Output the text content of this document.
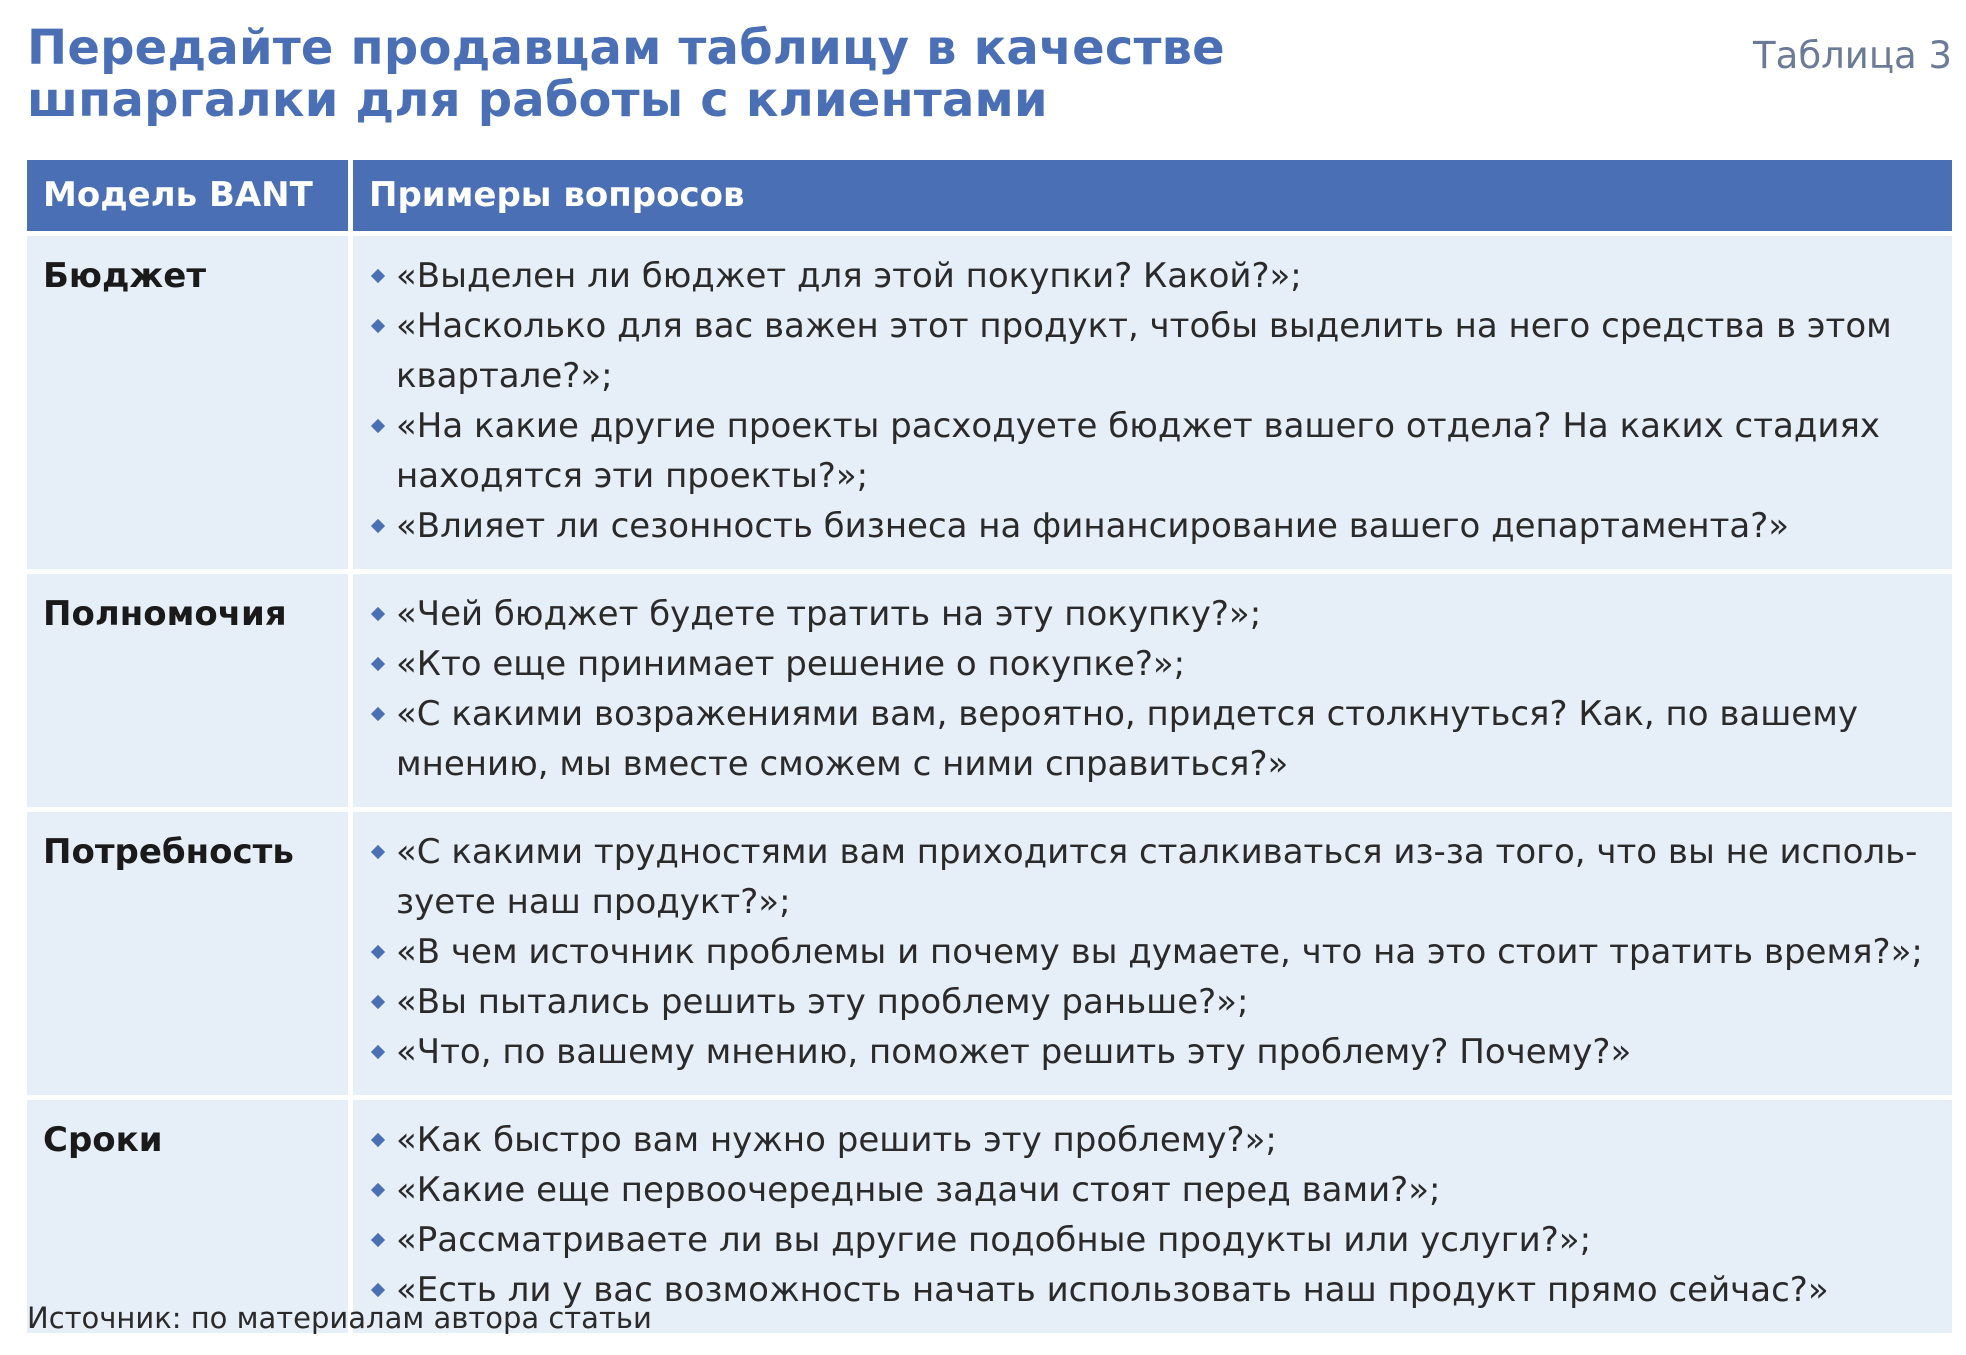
Передайте продавцам таблицу в качестве шпаргалки для работы с клиентами
Таблица 3
Модель BANT	Примеры вопросов
Бюджет	«Выделен ли бюджет для этой покупки? Какой?»;
«Насколько для вас важен этот продукт, чтобы выделить на него средства в этом квартале?»;
«На какие другие проекты расходуете бюджет вашего отдела? На каких стадиях находятся эти проекты?»;
«Влияет ли сезонность бизнеса на финансирование вашего департамента?»
Полномочия	«Чей бюджет будете тратить на эту покупку?»;
«Кто еще принимает решение о покупке?»;
«С какими возражениями вам, вероятно, придется столкнуться? Как, по вашему мнению, мы вместе сможем с ними справиться?»
Потребность	«С какими трудностями вам приходится сталкиваться из-за того, что вы не используете наш продукт?»;
«В чем источник проблемы и почему вы думаете, что на это стоит тратить время?»;
«Вы пытались решить эту проблему раньше?»;
«Что, по вашему мнению, поможет решить эту проблему? Почему?»
Сроки	«Как быстро вам нужно решить эту проблему?»;
«Какие еще первоочередные задачи стоят перед вами?»;
«Рассматриваете ли вы другие подобные продукты или услуги?»;
«Есть ли у вас возможность начать использовать наш продукт прямо сейчас?»
Источник: по материалам автора статьи
